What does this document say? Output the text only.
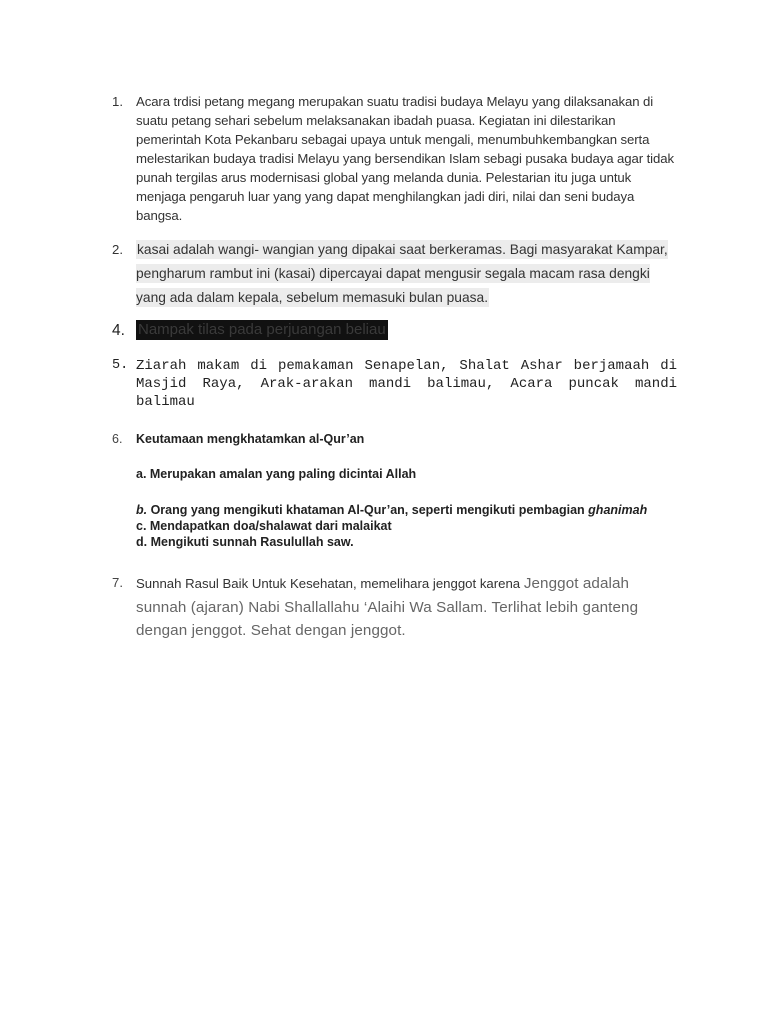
1. Acara trdisi petang megang merupakan suatu tradisi budaya Melayu yang dilaksanakan di suatu petang sehari sebelum melaksanakan ibadah puasa. Kegiatan ini dilestarikan pemerintah Kota Pekanbaru sebagai upaya untuk mengali, menumbuhkembangkan serta melestarikan budaya tradisi Melayu yang bersendikan Islam sebagi pusaka budaya agar tidak punah tergilas arus modernisasi global yang melanda dunia. Pelestarian itu juga untuk menjaga pengaruh luar yang yang dapat menghilangkan jadi diri, nilai dan seni budaya bangsa.
2. kasai adalah wangi- wangian yang dipakai saat berkeramas. Bagi masyarakat Kampar, pengharum rambut ini (kasai) dipercayai dapat mengusir segala macam rasa dengki yang ada dalam kepala, sebelum memasuki bulan puasa.
4. Nampak tilas pada perjuangan beliau
5. Ziarah makam di pemakaman Senapelan, Shalat Ashar berjamaah di Masjid Raya, Arak-arakan mandi balimau, Acara puncak mandi balimau
6. Keutamaan mengkhatamkan al-Qur’an
a. Merupakan amalan yang paling dicintai Allah
b. Orang yang mengikuti khataman Al-Qur’an, seperti mengikuti pembagian ghanimah
c. Mendapatkan doa/shalawat dari malaikat
d. Mengikuti sunnah Rasulullah saw.
7. Sunnah Rasul Baik Untuk Kesehatan, memelihara jenggot karena Jenggot adalah sunnah (ajaran) Nabi Shallallahu ‘Alaihi Wa Sallam. Terlihat lebih ganteng dengan jenggot. Sehat dengan jenggot.
